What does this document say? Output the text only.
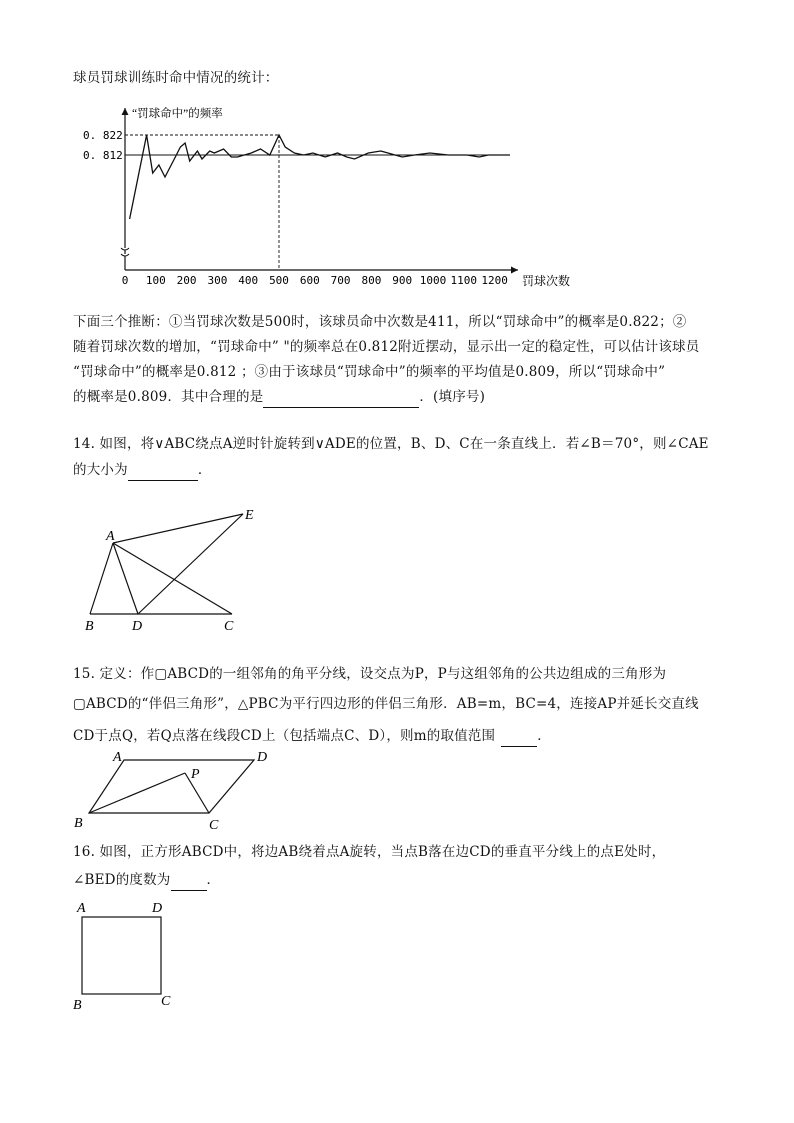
球员罚球训练时命中情况的统计：
“罚球命中”的频率
罚球次数
0. 822
0. 812
0 100 200 300 400 500 600 700 800 900 1000 1100 1200
下面三个推断：①当罚球次数是500时，该球员命中次数是411，所以“罚球命中”的概率是0.822；②
随着罚球次数的增加，“罚球命中” "的频率总在0.812附近摆动，显示出一定的稳定性，可以估计该球员
“罚球命中”的概率是0.812 ；③由于该球员“罚球命中”的频率的平均值是0.809，所以“罚球命中”
的概率是0.809．其中合理的是	．(填序号)
14. 如图，将∨ABC绕点A逆时针旋转到∨ADE的位置，B、D、C在一条直线上．若∠B＝70°，则∠CAE
的大小为	．
A
E
B	D	C
15. 定义：作▢ABCD的一组邻角的角平分线，设交点为P，P与这组邻角的公共边组成的三角形为
▢ABCD的“伴侣三角形”，△PBC为平行四边形的伴侣三角形．AB=m，BC=4，连接AP并延长交直线
CD于点Q，若Q点落在线段CD上（包括端点C、D），则m的取值范围	．
A	D
P
B	C
16. 如图，正方形ABCD中，将边AB绕着点A旋转，当点B落在边CD的垂直平分线上的点E处时，
∠BED的度数为	．
A	D
B	C
